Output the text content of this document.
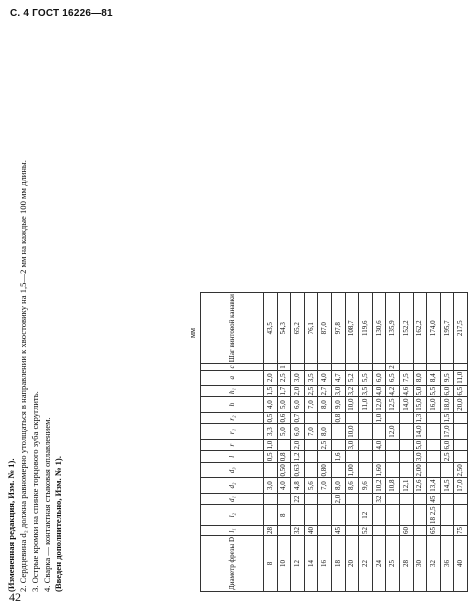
С. 4 ГОСТ 16226—81
42

(Измененная редакция, Изм. № 1). 2. Сердцевина d₂ должна равномерно утолщаться в направлении к хвостовику на 1,5—2 мм на каждые 100 мм длины. 3. Острые кромки на спинке торцового зуба скруглить. 4. Сварка — контактная стыковая оплавлением. (Введен дополнительно, Изм. № 1).

мм
Диаметр фрезы D	l₁	l₂	d₁	d₂	d₃	l	r	r₁	r₂	h	h₁	a	c	Шаг винтовой канавки
8	28			3,0		0,5	1,0	3,3	0,5	4,0	1,5	2,0		43,5
10		8		4,0	0,50	0,8		5,0	0,6	5,0	1,7	2,5	1	54,3
12	32		22	4,8	0,63	1,2	2,0	6,0	0,7	6,0	2,0	3,0		65,2
14	40			5,6				7,0		7,0	2,5	3,5		76,1
16				7,0	0,80		2,5	8,0		8,0	2,7	4,0		87,0
18	45		2,0	8,0		1,6			0,8	9,0	3,0	4,7		97,8
20				8,6	1,00		3,0	10,0		10,0	3,2	5,2		108,7
22	52	12		9,6						11,0	3,5	5,5		119,6
24			32	10,2	1,60		4,0		1,0	12,0	4,0	6,0		130,6
25				10,8				12,0		12,5	4,2	6,5	2	135,9
28	60			12,1						14,0	4,6	7,5		152,2
30				12,6	2,00	3,0	5,0	14,0	1,3	15,0	5,0	8,0		162,2
32	65	18 2,5	45	13,4						16,0	5,5	8,4		174,0
36				14,5		2,5	6,0	17,0	1,5	18,0	6,0	9,5		195,7
40	75			17,0	2,50					20,0	6,5	11,0		217,5
